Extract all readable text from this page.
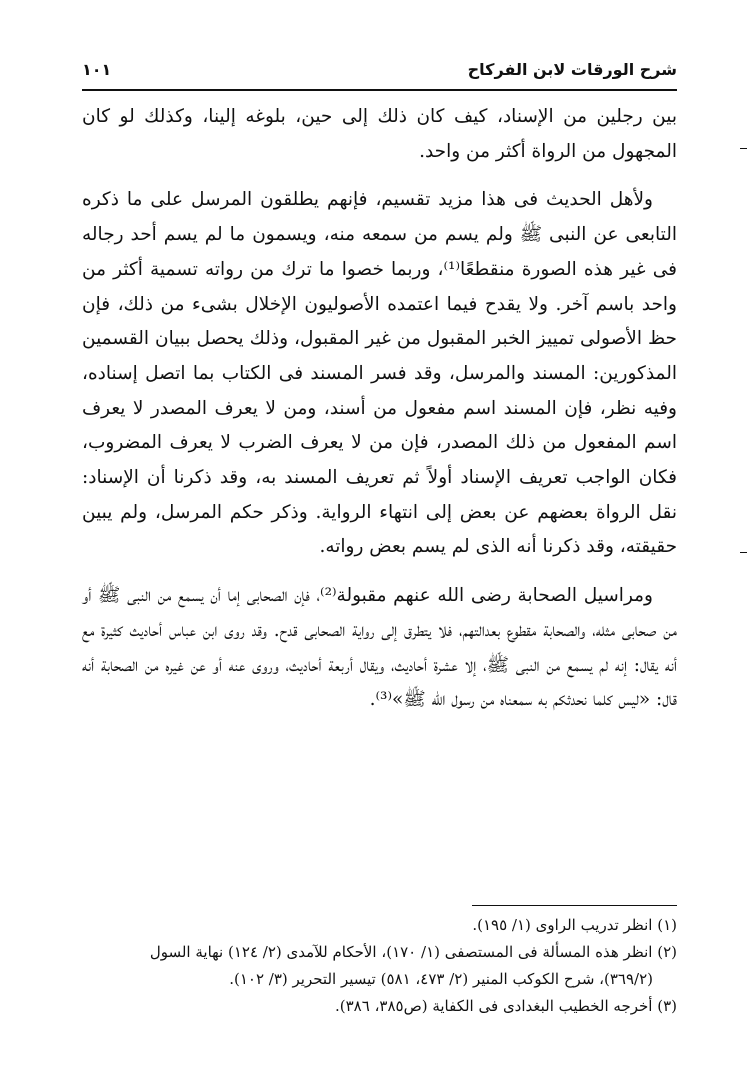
شرح الورقات لابن الفركاح
١٠١

بين رجلين من الإسناد، كيف كان ذلك إلى حين، بلوغه إلينا، وكذلك لو كان المجهول من الرواة أكثر من واحد.

ولأهل الحديث فى هذا مزيد تقسيم، فإنهم يطلقون المرسل على ما ذكره التابعى عن النبى ﷺ ولم يسم من سمعه منه، ويسمون ما لم يسم أحد رجاله فى غير هذه الصورة منقطعًا⁽¹⁾، وربما خصوا ما ترك من رواته تسمية أكثر من واحد باسم آخر. ولا يقدح فيما اعتمده الأصوليون الإخلال بشىء من ذلك، فإن حظ الأصولى تمييز الخبر المقبول من غير المقبول، وذلك يحصل ببيان القسمين المذكورين: المسند والمرسل، وقد فسر المسند فى الكتاب بما اتصل إسناده، وفيه نظر، فإن المسند اسم مفعول من أسند، ومن لا يعرف المصدر لا يعرف اسم المفعول من ذلك المصدر، فإن من لا يعرف الضرب لا يعرف المضروب، فكان الواجب تعريف الإسناد أولاً ثم تعريف المسند به، وقد ذكرنا أن الإسناد: نقل الرواة بعضهم عن بعض إلى انتهاء الرواية. وذكر حكم المرسل، ولم يبين حقيقته، وقد ذكرنا أنه الذى لم يسم بعض رواته.

ومراسيل الصحابة رضى الله عنهم مقبولة⁽²⁾، فإن الصحابى إما أن يسمع من النبى ﷺ أو من صحابى مثله، والصحابة مقطوع بعدالتهم، فلا يتطرق إلى رواية الصحابى قدح. وقد روى ابن عباس أحاديث كثيرة مع أنه يقال: إنه لم يسمع من النبى ﷺ، إلا عشرة أحاديث، ويقال أربعة أحاديث، وروى عنه أو عن غيره من الصحابة أنه قال: «ليس كلما نحدثكم به سمعناه من رسول الله ﷺ»⁽³⁾.

(١) انظر تدريب الراوى (١/ ١٩٥).

(٢) انظر هذه المسألة فى المستصفى (١/ ١٧٠)، الأحكام للآمدى (٢/ ١٢٤) نهاية السول

(٣٦٩/٢)، شرح الكوكب المنير (٢/ ٤٧٣، ٥٨١) تيسير التحرير (٣/ ١٠٢).

(٣) أخرجه الخطيب البغدادى فى الكفاية (ص٣٨٥، ٣٨٦).
